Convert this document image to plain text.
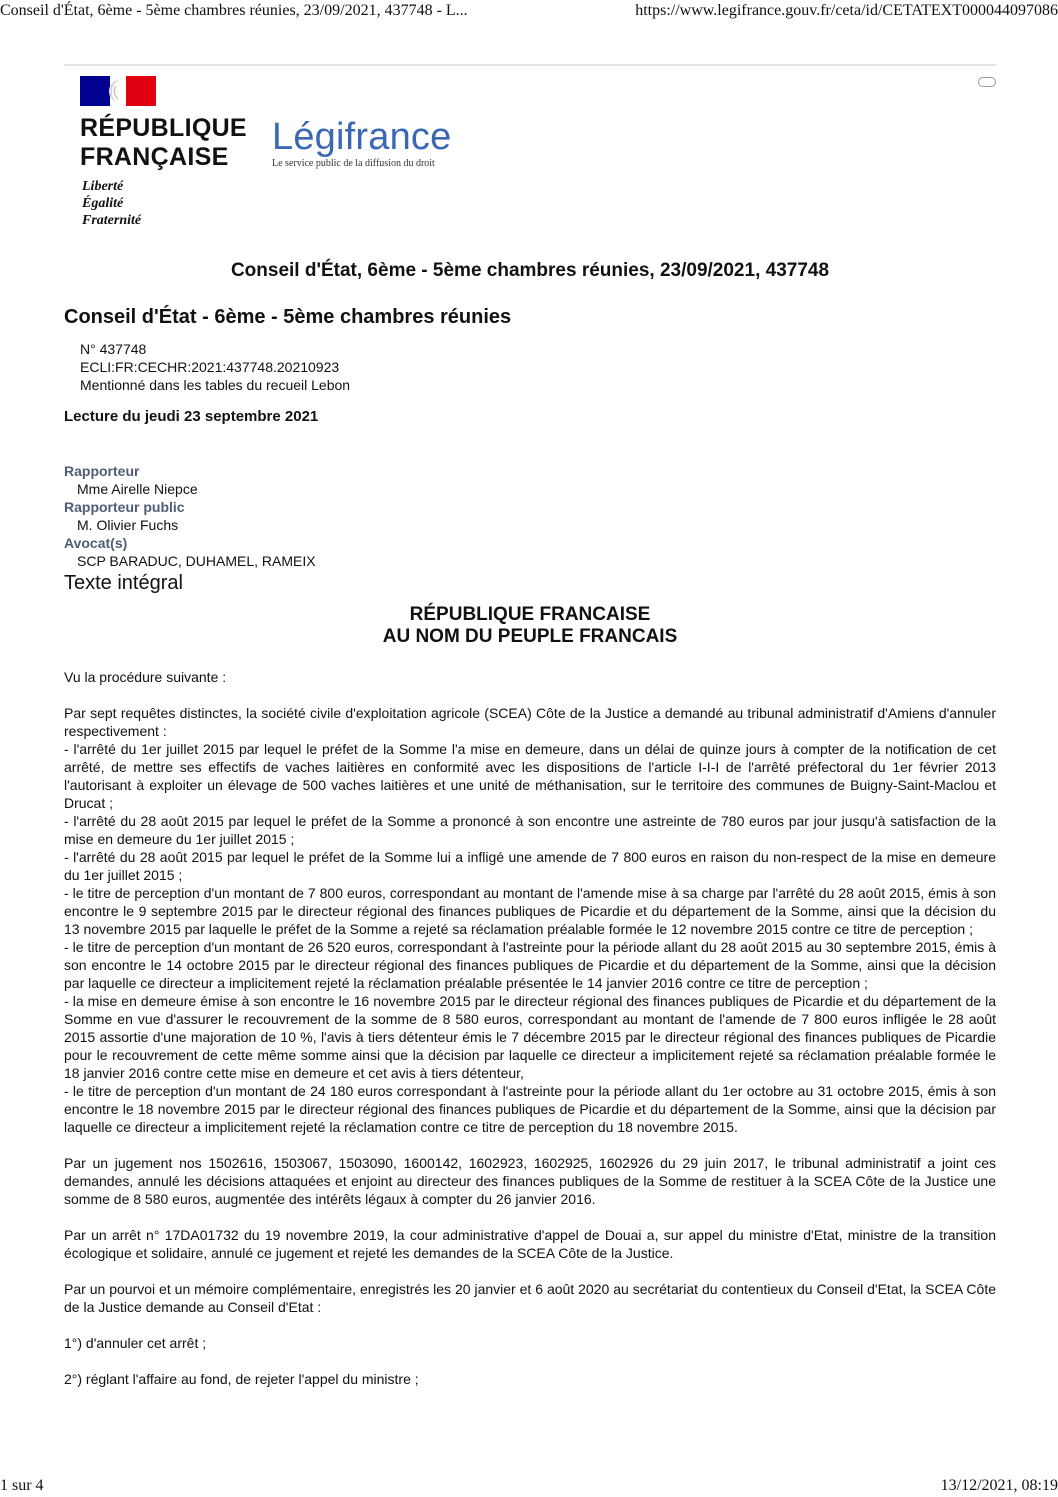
Conseil d'État, 6ème - 5ème chambres réunies, 23/09/2021, 437748 - L...	https://www.legifrance.gouv.fr/ceta/id/CETATEXT000044097086
RÉPUBLIQUE
FRANÇAISE
Liberté
Égalité
Fraternité
Légifrance
Le service public de la diffusion du droit
Conseil d'État, 6ème - 5ème chambres réunies, 23/09/2021, 437748
Conseil d'État - 6ème - 5ème chambres réunies
N° 437748
ECLI:FR:CECHR:2021:437748.20210923
Mentionné dans les tables du recueil Lebon
Lecture du jeudi 23 septembre 2021
Rapporteur
Mme Airelle Niepce
Rapporteur public
M. Olivier Fuchs
Avocat(s)
SCP BARADUC, DUHAMEL, RAMEIX
Texte intégral
RÉPUBLIQUE FRANCAISE
AU NOM DU PEUPLE FRANCAIS

Vu la procédure suivante :

Par sept requêtes distinctes, la société civile d'exploitation agricole (SCEA) Côte de la Justice a demandé au tribunal administratif d'Amiens d'annuler respectivement :
- l'arrêté du 1er juillet 2015 par lequel le préfet de la Somme l'a mise en demeure, dans un délai de quinze jours à compter de la notification de cet arrêté, de mettre ses effectifs de vaches laitières en conformité avec les dispositions de l'article I-I-I de l'arrêté préfectoral du 1er février 2013 l'autorisant à exploiter un élevage de 500 vaches laitières et une unité de méthanisation, sur le territoire des communes de Buigny-Saint-Maclou et Drucat ;
- l'arrêté du 28 août 2015 par lequel le préfet de la Somme a prononcé à son encontre une astreinte de 780 euros par jour jusqu'à satisfaction de la mise en demeure du 1er juillet 2015 ;
- l'arrêté du 28 août 2015 par lequel le préfet de la Somme lui a infligé une amende de 7 800 euros en raison du non-respect de la mise en demeure du 1er juillet 2015 ;
- le titre de perception d'un montant de 7 800 euros, correspondant au montant de l'amende mise à sa charge par l'arrêté du 28 août 2015, émis à son encontre le 9 septembre 2015 par le directeur régional des finances publiques de Picardie et du département de la Somme, ainsi que la décision du 13 novembre 2015 par laquelle le préfet de la Somme a rejeté sa réclamation préalable formée le 12 novembre 2015 contre ce titre de perception ;
- le titre de perception d'un montant de 26 520 euros, correspondant à l'astreinte pour la période allant du 28 août 2015 au 30 septembre 2015, émis à son encontre le 14 octobre 2015 par le directeur régional des finances publiques de Picardie et du département de la Somme, ainsi que la décision par laquelle ce directeur a implicitement rejeté la réclamation préalable présentée le 14 janvier 2016 contre ce titre de perception ;
- la mise en demeure émise à son encontre le 16 novembre 2015 par le directeur régional des finances publiques de Picardie et du département de la Somme en vue d'assurer le recouvrement de la somme de 8 580 euros, correspondant au montant de l'amende de 7 800 euros infligée le 28 août 2015 assortie d'une majoration de 10 %, l'avis à tiers détenteur émis le 7 décembre 2015 par le directeur régional des finances publiques de Picardie pour le recouvrement de cette même somme ainsi que la décision par laquelle ce directeur a implicitement rejeté sa réclamation préalable formée le 18 janvier 2016 contre cette mise en demeure et cet avis à tiers détenteur,
- le titre de perception d'un montant de 24 180 euros correspondant à l'astreinte pour la période allant du 1er octobre au 31 octobre 2015, émis à son encontre le 18 novembre 2015 par le directeur régional des finances publiques de Picardie et du département de la Somme, ainsi que la décision par laquelle ce directeur a implicitement rejeté la réclamation contre ce titre de perception du 18 novembre 2015.

Par un jugement nos 1502616, 1503067, 1503090, 1600142, 1602923, 1602925, 1602926 du 29 juin 2017, le tribunal administratif a joint ces demandes, annulé les décisions attaquées et enjoint au directeur des finances publiques de la Somme de restituer à la SCEA Côte de la Justice une somme de 8 580 euros, augmentée des intérêts légaux à compter du 26 janvier 2016.

Par un arrêt n° 17DA01732 du 19 novembre 2019, la cour administrative d'appel de Douai a, sur appel du ministre d'Etat, ministre de la transition écologique et solidaire, annulé ce jugement et rejeté les demandes de la SCEA Côte de la Justice.

Par un pourvoi et un mémoire complémentaire, enregistrés les 20 janvier et 6 août 2020 au secrétariat du contentieux du Conseil d'Etat, la SCEA Côte de la Justice demande au Conseil d'Etat :

1°) d'annuler cet arrêt ;

2°) réglant l'affaire au fond, de rejeter l'appel du ministre ;

1 sur 4	13/12/2021, 08:19
